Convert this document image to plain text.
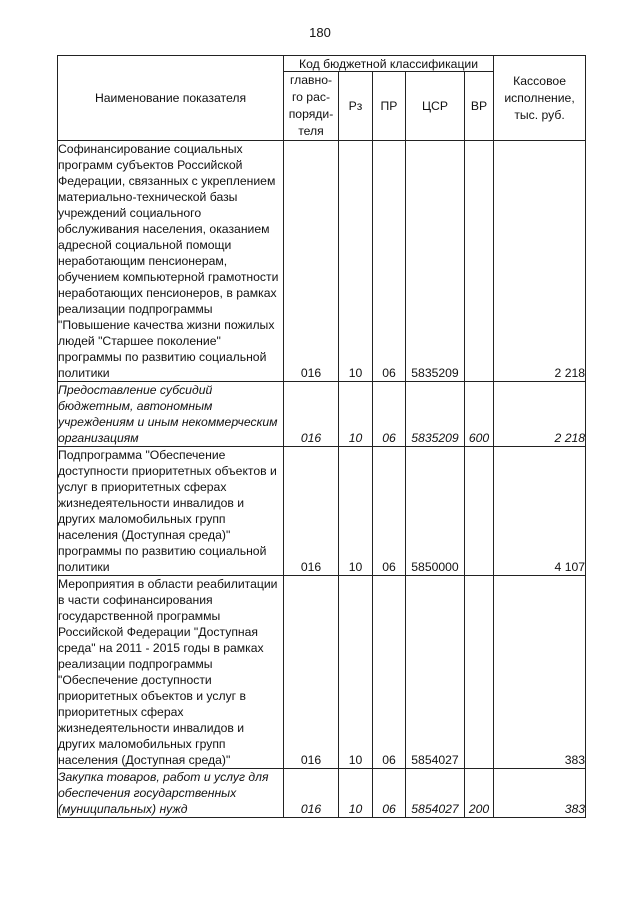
180
Наименование показателя	Код бюджетной классификации					Кассовое
исполнение,
тыс. руб.
	главно-
го рас-
поряди-
теля	Рз	ПР	ЦСР	ВР	
Софинансирование социальных программ субъектов Российской Федерации, связанных с укреплением материально-технической базы учреждений социального обслуживания населения, оказанием адресной социальной помощи неработающим пенсионерам, обучением компьютерной грамотности неработающих пенсионеров, в рамках реализации подпрограммы "Повышение качества жизни пожилых людей "Старшее поколение" программы по развитию социальной политики	016	10	06	5835209		2 218
Предоставление субсидий бюджетным, автономным учреждениям и иным некоммерческим организациям	016	10	06	5835209	600	2 218
Подпрограмма "Обеспечение доступности приоритетных объектов и услуг в приоритетных сферах жизнедеятельности инвалидов и других маломобильных групп населения (Доступная среда)" программы по развитию социальной политики	016	10	06	5850000		4 107
Мероприятия в области реабилитации в части софинансирования государственной программы Российской Федерации "Доступная среда" на 2011 - 2015 годы в рамках реализации подпрограммы "Обеспечение доступности приоритетных объектов и услуг в приоритетных сферах жизнедеятельности инвалидов и других маломобильных групп населения (Доступная среда)"	016	10	06	5854027		383
Закупка товаров, работ и услуг для обеспечения государственных (муниципальных) нужд	016	10	06	5854027	200	383
